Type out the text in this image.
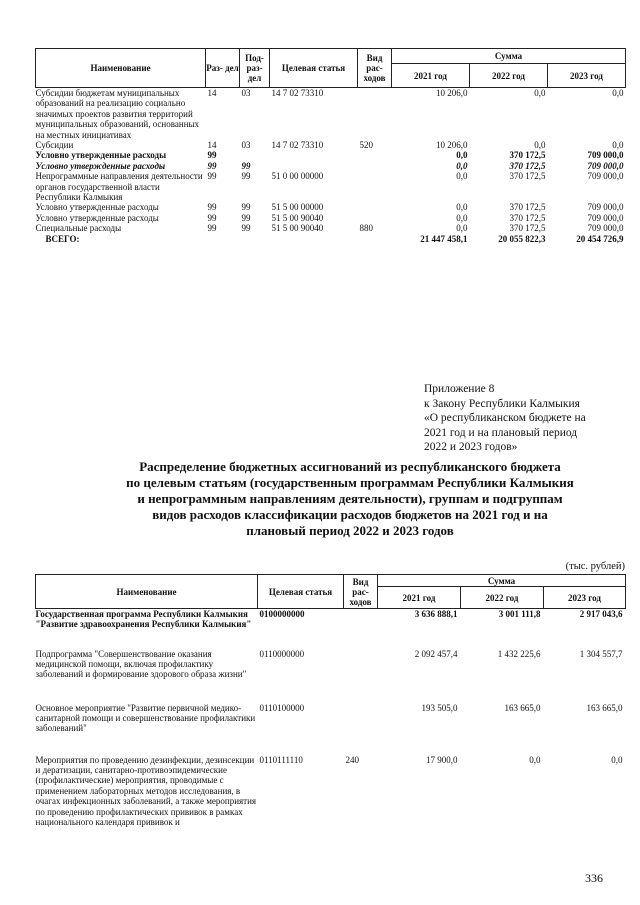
Наименование	Раз- дел	Под- раз- дел	Целевая статья	Вид рас- ходов	Сумма		
					2021 год	2022 год	2023 год
Субсидии бюджетам муниципальных образований на реализацию социально значимых проектов развития территорий муниципальных образований, основанных на местных инициативах	14	03	14 7 02 73310		10 206,0	0,0	0,0
Субсидии	14	03	14 7 02 73310	520	10 206,0	0,0	0,0
Условно утвержденные расходы	99				0,0	370 172,5	709 000,0
Условно утвержденные расходы	99	99			0,0	370 172,5	709 000,0
Непрограммные направления деятельности органов государственной власти Республики Калмыкия	99	99	51 0 00 00000		0,0	370 172,5	709 000,0
Условно утвержденные расходы	99	99	51 5 00 00000		0,0	370 172,5	709 000,0
Условно утвержденные расходы	99	99	51 5 00 90040		0,0	370 172,5	709 000,0
Специальные расходы	99	99	51 5 00 90040	880	0,0	370 172,5	709 000,0
ВСЕГО:					21 447 458,1	20 055 822,3	20 454 726,9
Приложение 8
к Закону Республики Калмыкия
«О республиканском бюджете на
2021 год и на плановый период
2022 и 2023 годов»
Распределение бюджетных ассигнований из республиканского бюджета
по целевым статьям (государственным программам Республики Калмыкия
и непрограммным направлениям деятельности), группам и подгруппам
видов расходов классификации расходов бюджетов на 2021 год и на
плановый период 2022 и 2023 годов
(тыс. рублей)
Наименование	Целевая статья	Вид рас- ходов	Сумма		
			2021 год	2022 год	2023 год
Государственная программа Республики Калмыкия "Развитие здравоохранения Республики Калмыкия"	0100000000		3 636 888,1	3 001 111,8	2 917 043,6
Подпрограмма "Совершенствование оказания медицинской помощи, включая профилактику заболеваний и формирование здорового образа жизни"	0110000000		2 092 457,4	1 432 225,6	1 304 557,7
Основное мероприятие "Развитие первичной медико-санитарной помощи и совершенствование профилактики заболеваний"	0110100000		193 505,0	163 665,0	163 665,0
Мероприятия по проведению дезинфекции, дезинсекции и дератизации, санитарно-противоэпидемические (профилактические) мероприятия, проводимые с применением лабораторных методов исследования, в очагах инфекционных заболеваний, а также мероприятия по проведению профилактических прививок в рамках национального календаря прививок и	0110111110	240	17 900,0	0,0	0,0
336
